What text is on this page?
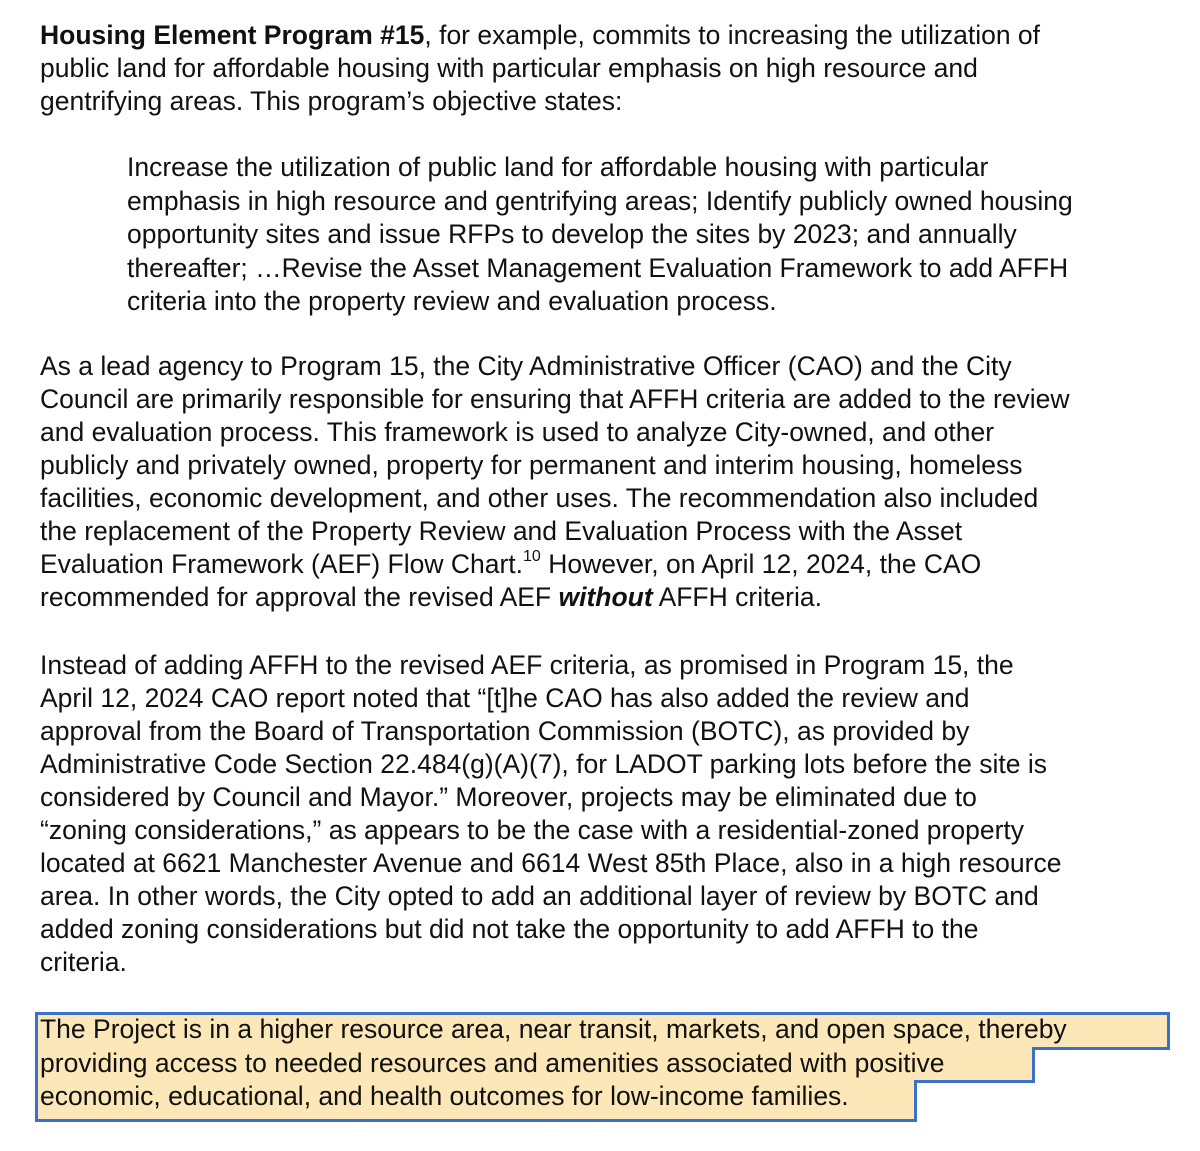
Housing Element Program #15, for example, commits to increasing the utilization of
public land for affordable housing with particular emphasis on high resource and
gentrifying areas. This program’s objective states:

Increase the utilization of public land for affordable housing with particular
emphasis in high resource and gentrifying areas; Identify publicly owned housing
opportunity sites and issue RFPs to develop the sites by 2023; and annually
thereafter; …Revise the Asset Management Evaluation Framework to add AFFH
criteria into the property review and evaluation process.

As a lead agency to Program 15, the City Administrative Officer (CAO) and the City
Council are primarily responsible for ensuring that AFFH criteria are added to the review
and evaluation process. This framework is used to analyze City-owned, and other
publicly and privately owned, property for permanent and interim housing, homeless
facilities, economic development, and other uses. The recommendation also included
the replacement of the Property Review and Evaluation Process with the Asset
Evaluation Framework (AEF) Flow Chart.$^{10}$ However, on April 12, 2024, the CAO
recommended for approval the revised AEF without AFFH criteria.

Instead of adding AFFH to the revised AEF criteria, as promised in Program 15, the
April 12, 2024 CAO report noted that “[t]he CAO has also added the review and
approval from the Board of Transportation Commission (BOTC), as provided by
Administrative Code Section 22.484(g)(A)(7), for LADOT parking lots before the site is
considered by Council and Mayor.” Moreover, projects may be eliminated due to
“zoning considerations,” as appears to be the case with a residential-zoned property
located at 6621 Manchester Avenue and 6614 West 85th Place, also in a high resource
area. In other words, the City opted to add an additional layer of review by BOTC and
added zoning considerations but did not take the opportunity to add AFFH to the
criteria.

The Project is in a higher resource area, near transit, markets, and open space, thereby
providing access to needed resources and amenities associated with positive
economic, educational, and health outcomes for low-income families.
